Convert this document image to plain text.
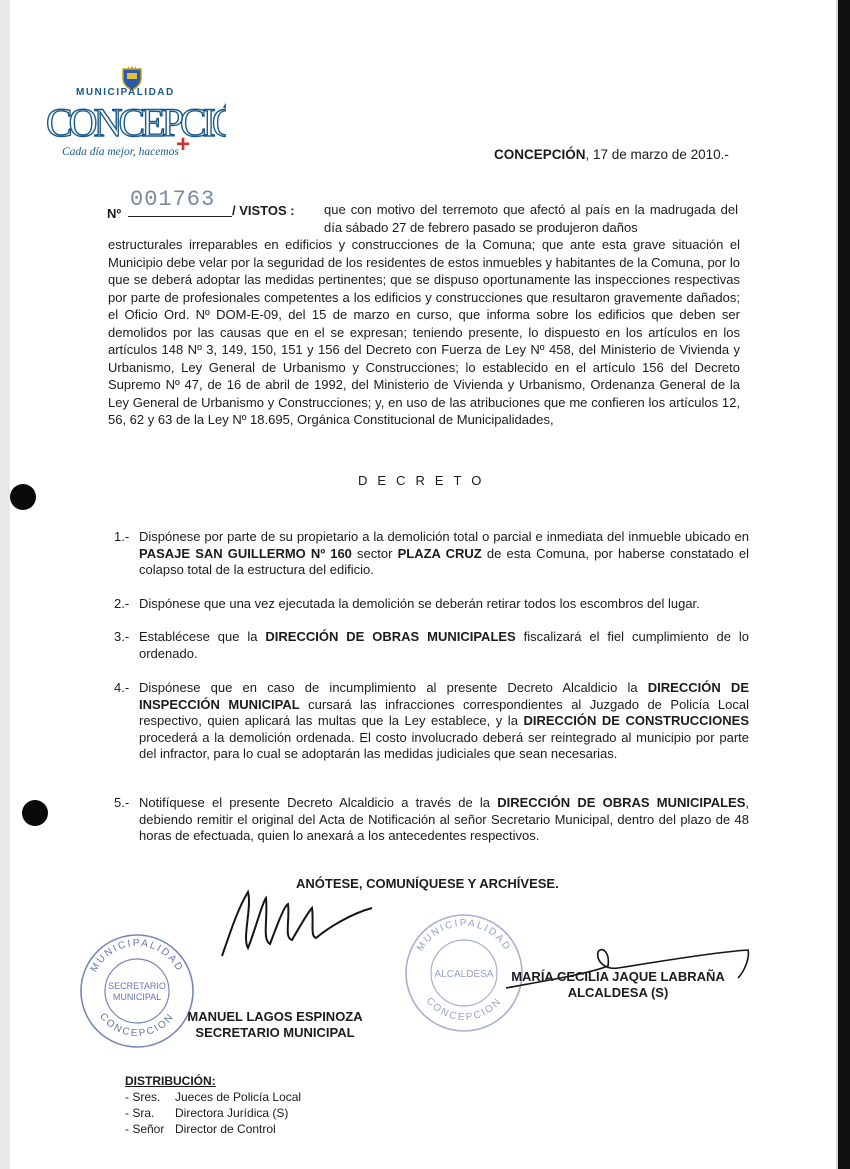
MUNICIPALIDAD
CONCEPCI
Cada día mejor, hacemos
+	CONCEPCIÓN, 17 de marzo de 2010.-
Nº
001763 / VISTOS : que con motivo del terremoto que afectó al país en la madrugada del día sábado 27 de febrero pasado se produjeron daños
estructurales irreparables en edificios y construcciones de la Comuna; que ante esta grave situación el Municipio debe velar por la seguridad de los residentes de estos inmuebles y habitantes de la Comuna, por lo que se deberá adoptar las medidas pertinentes; que se dispuso oportunamente las inspecciones respectivas por parte de profesionales competentes a los edificios y construcciones que resultaron gravemente dañados; el Oficio Ord. Nº DOM-E-09, del 15 de marzo en curso, que informa sobre los edificios que deben ser demolidos por las causas que en el se expresan; teniendo presente, lo dispuesto en los artículos en los artículos 148 Nº 3, 149, 150, 151 y 156 del Decreto con Fuerza de Ley Nº 458, del Ministerio de Vivienda y Urbanismo, Ley General de Urbanismo y Construcciones; lo establecido en el artículo 156 del Decreto Supremo Nº 47, de 16 de abril de 1992, del Ministerio de Vivienda y Urbanismo, Ordenanza General de la Ley General de Urbanismo y Construcciones; y, en uso de las atribuciones que me confieren los artículos 12, 56, 62 y 63 de la Ley Nº 18.695, Orgánica Constitucional de Municipalidades,
DECRETO
1.- Dispónese por parte de su propietario a la demolición total o parcial e inmediata del inmueble ubicado en PASAJE SAN GUILLERMO Nº 160 sector PLAZA CRUZ de esta Comuna, por haberse constatado el colapso total de la estructura del edificio.
2.- Dispónese que una vez ejecutada la demolición se deberán retirar todos los escombros del lugar.
3.- Establécese que la DIRECCIÓN DE OBRAS MUNICIPALES fiscalizará el fiel cumplimiento de lo ordenado.
4.- Dispónese que en caso de incumplimiento al presente Decreto Alcaldicio la DIRECCIÓN DE INSPECCIÓN MUNICIPAL cursará las infracciones correspondientes al Juzgado de Policía Local respectivo, quien aplicará las multas que la Ley establece, y la DIRECCIÓN DE CONSTRUCCIONES procederá a la demolición ordenada. El costo involucrado deberá ser reintegrado al municipio por parte del infractor, para lo cual se adoptarán las medidas judiciales que sean necesarias.
5.- Notifíquese el presente Decreto Alcaldicio a través de la DIRECCIÓN DE OBRAS MUNICIPALES, debiendo remitir el original del Acta de Notificación al señor Secretario Municipal, dentro del plazo de 48 horas de efectuada, quien lo anexará a los antecedentes respectivos.
ANÓTESE, COMUNÍQUESE Y ARCHÍVESE.
MUNICIPALIDAD
CONCEPCION
SECRETARIO
MUNICIPAL
MANUEL LAGOS ESPINOZA
SECRETARIO MUNICIPAL
MUNICIPALIDAD
CONCEPCION
ALCALDESA	MARÍA CECILIA JAQUE LABRAÑA
ALCALDESA (S)
DISTRIBUCIÓN:
- Sres. Jueces de Policía Local
- Sra. Directora Jurídica (S)
- Señor Director de Control
